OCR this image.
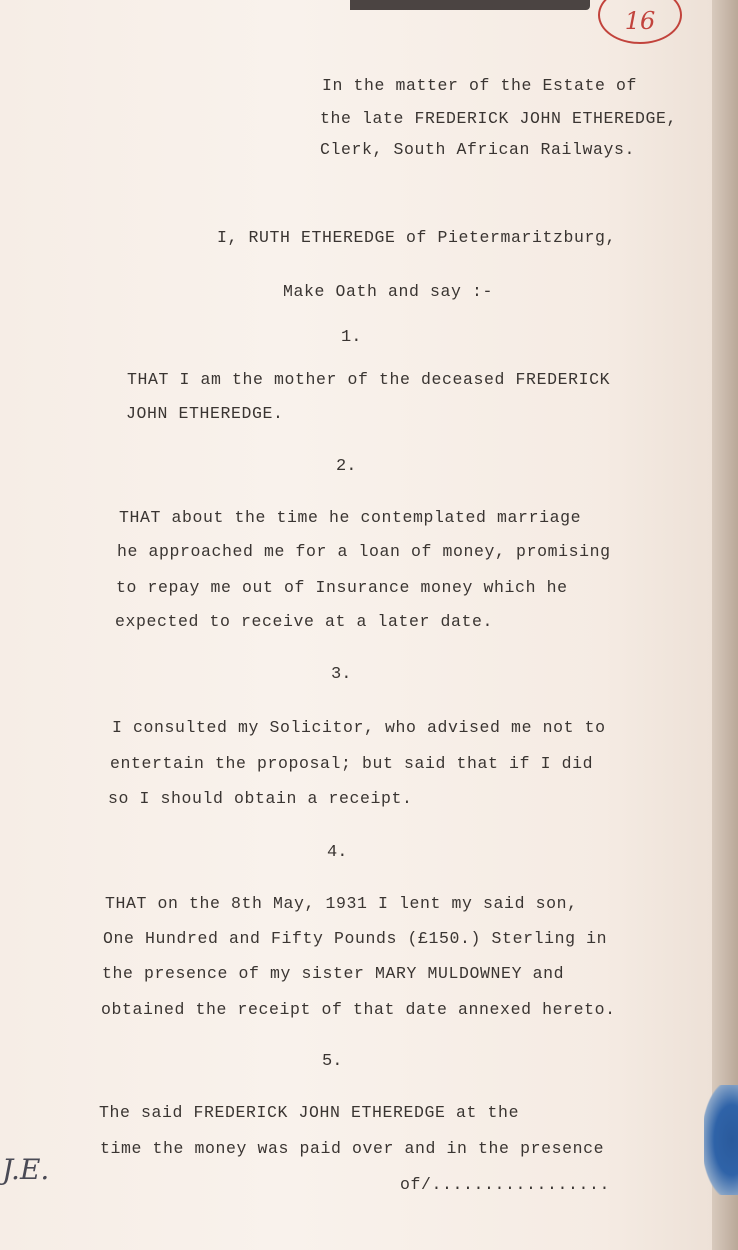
16
In the matter of the Estate of
the late FREDERICK JOHN ETHEREDGE,
Clerk, South African Railways.
I, RUTH ETHEREDGE of Pietermaritzburg,
Make Oath and say :-
1.
THAT I am the mother of the deceased FREDERICK
JOHN ETHEREDGE.
2.
THAT about the time he contemplated marriage
he approached me for a loan of money, promising
to repay me out of Insurance money which he
expected to receive at a later date.
3.
I consulted my Solicitor, who advised me not to
entertain the proposal; but said that if I did
so I should obtain a receipt.
4.
THAT on the 8th May, 1931 I lent my said son,
One Hundred and Fifty Pounds (£150.) Sterling in
the presence of my sister MARY MULDOWNEY and
obtained the receipt of that date annexed hereto.
5.
The said FREDERICK JOHN ETHEREDGE at the
time the money was paid over and in the presence
of/.................
J.E.
